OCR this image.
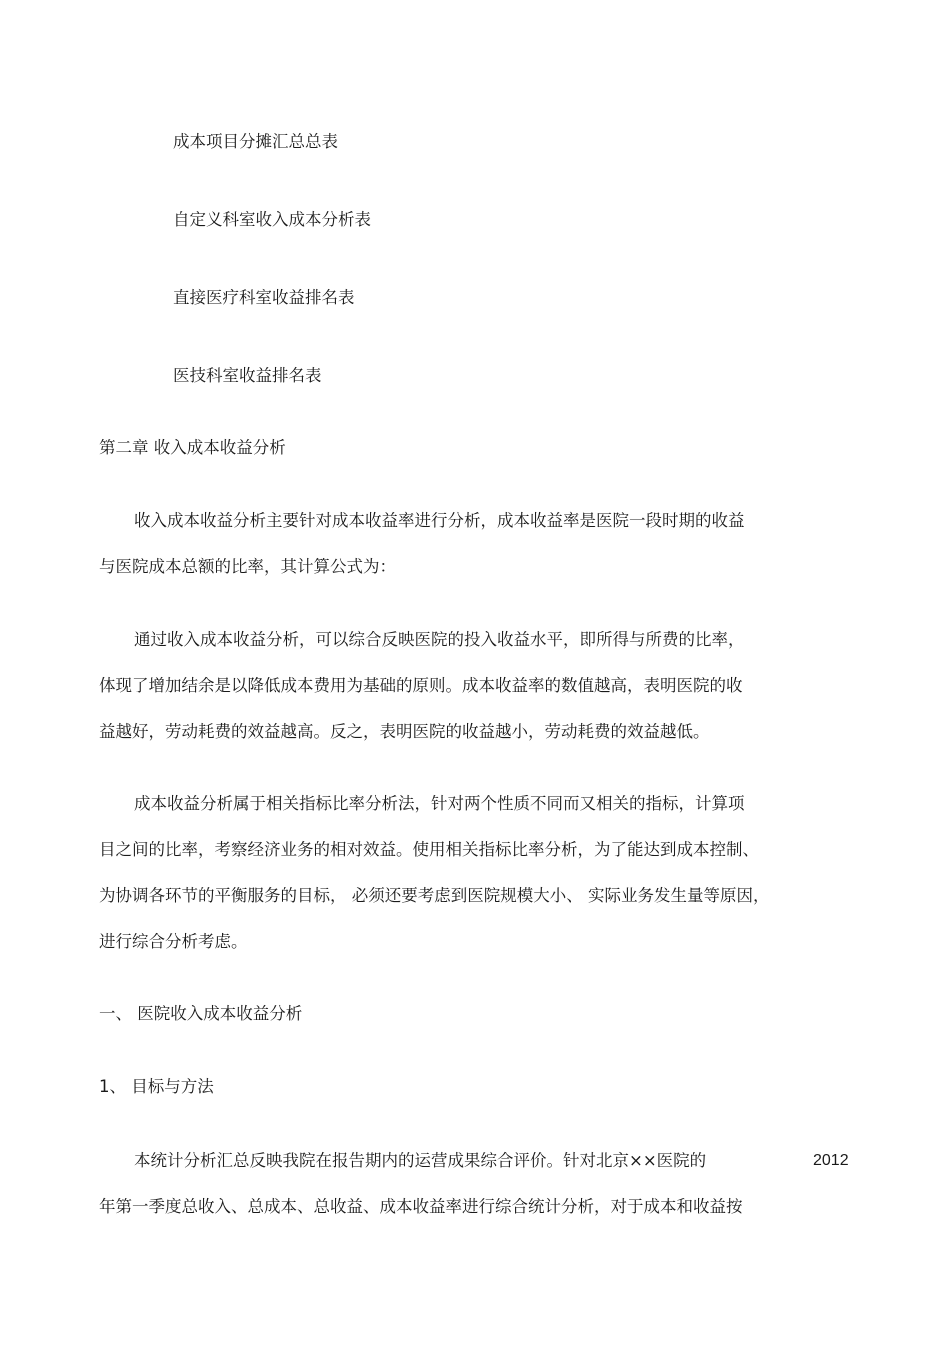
成本项目分摊汇总总表
自定义科室收入成本分析表
直接医疗科室收益排名表
医技科室收益排名表
第二章 收入成本收益分析
收入成本收益分析主要针对成本收益率进行分析，成本收益率是医院一段时期的收益
与医院成本总额的比率，其计算公式为：
通过收入成本收益分析，可以综合反映医院的投入收益水平，即所得与所费的比率，
体现了增加结余是以降低成本费用为基础的原则。成本收益率的数值越高，表明医院的收
益越好，劳动耗费的效益越高。反之，表明医院的收益越小，劳动耗费的效益越低。
成本收益分析属于相关指标比率分析法，针对两个性质不同而又相关的指标，计算项
目之间的比率，考察经济业务的相对效益。使用相关指标比率分析，为了能达到成本控制、
为协调各环节的平衡服务的目标， 必须还要考虑到医院规模大小、 实际业务发生量等原因，
进行综合分析考虑。
一、 医院收入成本收益分析
1、 目标与方法
本统计分析汇总反映我院在报告期内的运营成果综合评价。针对北京××医院的	2012
年第一季度总收入、总成本、总收益、成本收益率进行综合统计分析，对于成本和收益按
